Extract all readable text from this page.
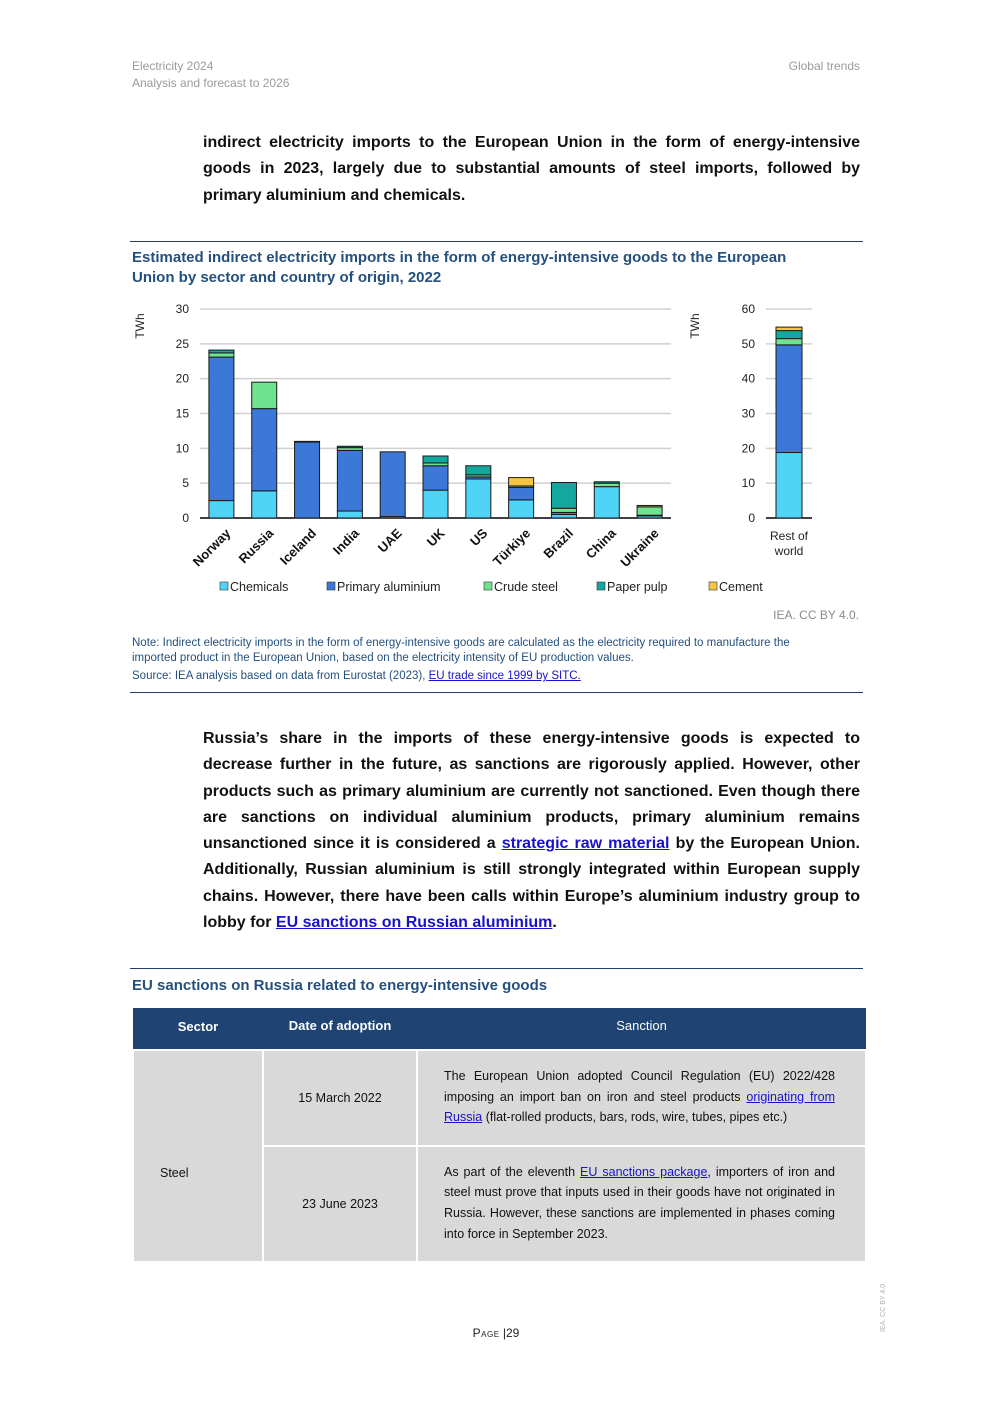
Electricity 2024
Analysis and forecast to 2026
Global trends
indirect electricity imports to the European Union in the form of energy-intensive goods in 2023, largely due to substantial amounts of steel imports, followed by primary aluminium and chemicals.
Estimated indirect electricity imports in the form of energy-intensive goods to the European Union by sector and country of origin, 2022
0
5
10
15
20
25
30
TWh
Norway Russia Iceland India UAE UK US Türkiye Brazil China
Ukraine
0
10
20
30
40
50
60
TWh
Rest of
world
Chemicals	Primary aluminium	Crude steel	Paper pulp	Cement
IEA. CC BY 4.0.
Note: Indirect electricity imports in the form of energy-intensive goods are calculated as the electricity required to manufacture the imported product in the European Union, based on the electricity intensity of EU production values.
Source: IEA analysis based on data from Eurostat (2023), EU trade since 1999 by SITC.
Russia’s share in the imports of these energy-intensive goods is expected to decrease further in the future, as sanctions are rigorously applied. However, other products such as primary aluminium are currently not sanctioned. Even though there are sanctions on individual aluminium products, primary aluminium remains unsanctioned since it is considered a strategic raw material by the European Union. Additionally, Russian aluminium is still strongly integrated within European supply chains. However, there have been calls within Europe’s aluminium industry group to lobby for EU sanctions on Russian aluminium.
EU sanctions on Russia related to energy-intensive goods
Sector	Date of adoption	Sanction
Steel	15 March 2022	The European Union adopted Council Regulation (EU) 2022/428 imposing an import ban on iron and steel products originating from Russia (flat-rolled products, bars, rods, wire, tubes, pipes etc.)
	23 June 2023	As part of the eleventh EU sanctions package, importers of iron and steel must prove that inputs used in their goods have not originated in Russia. However, these sanctions are implemented in phases coming into force in September 2023.
Page |29
IEA. CC BY 4.0.
